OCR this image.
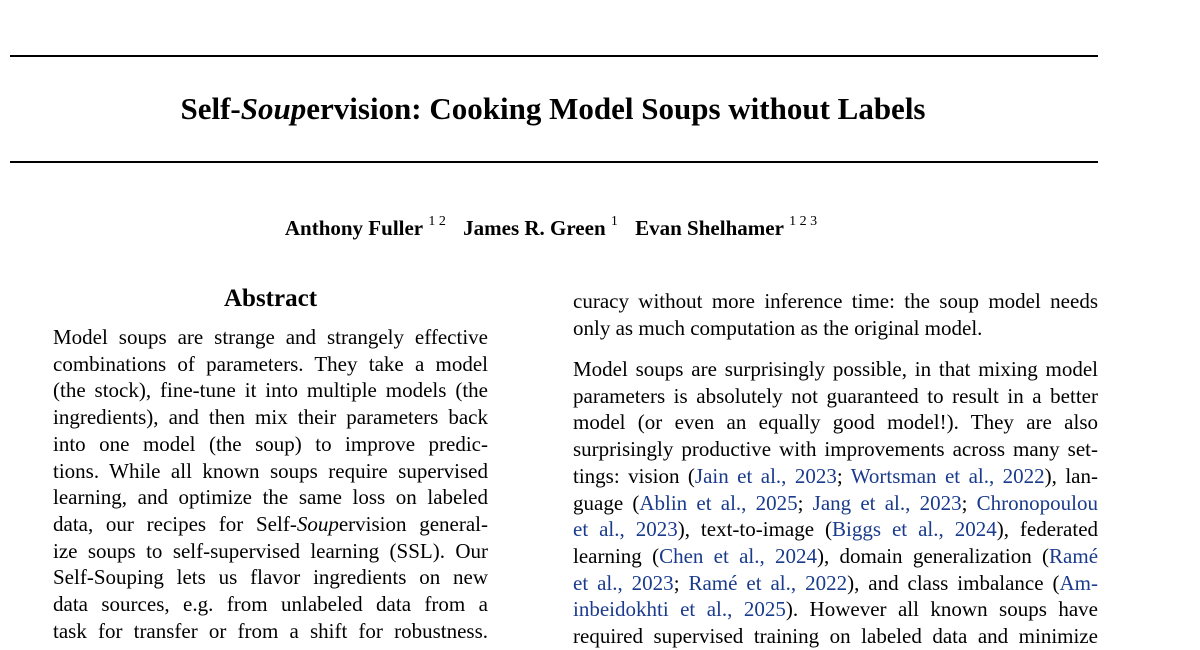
Self-Soupervision: Cooking Model Soups without Labels
Anthony Fuller $^{1 2}$ James R. Green $^1$ Evan Shelhamer $^{1 2 3}$
Abstract
Model soups are strange and strangely effective
combinations of parameters. They take a model
(the stock), fine-tune it into multiple models (the
ingredients), and then mix their parameters back
into one model (the soup) to improve predic-
tions. While all known soups require supervised
learning, and optimize the same loss on labeled
data, our recipes for Self-Soupervision general-
ize soups to self-supervised learning (SSL). Our
Self-Souping lets us flavor ingredients on new
data sources, e.g. from unlabeled data from a
task for transfer or from a shift for robustness.
curacy without more inference time: the soup model needs
only as much computation as the original model.
Model soups are surprisingly possible, in that mixing model
parameters is absolutely not guaranteed to result in a better
model (or even an equally good model!). They are also
surprisingly productive with improvements across many set-
tings: vision (Jain et al., 2023; Wortsman et al., 2022), lan-
guage (Ablin et al., 2025; Jang et al., 2023; Chronopoulou
et al., 2023), text-to-image (Biggs et al., 2024), federated
learning (Chen et al., 2024), domain generalization (Ramé
et al., 2023; Ramé et al., 2022), and class imbalance (Am-
inbeidokhti et al., 2025). However all known soups have
required supervised training on labeled data and minimize
